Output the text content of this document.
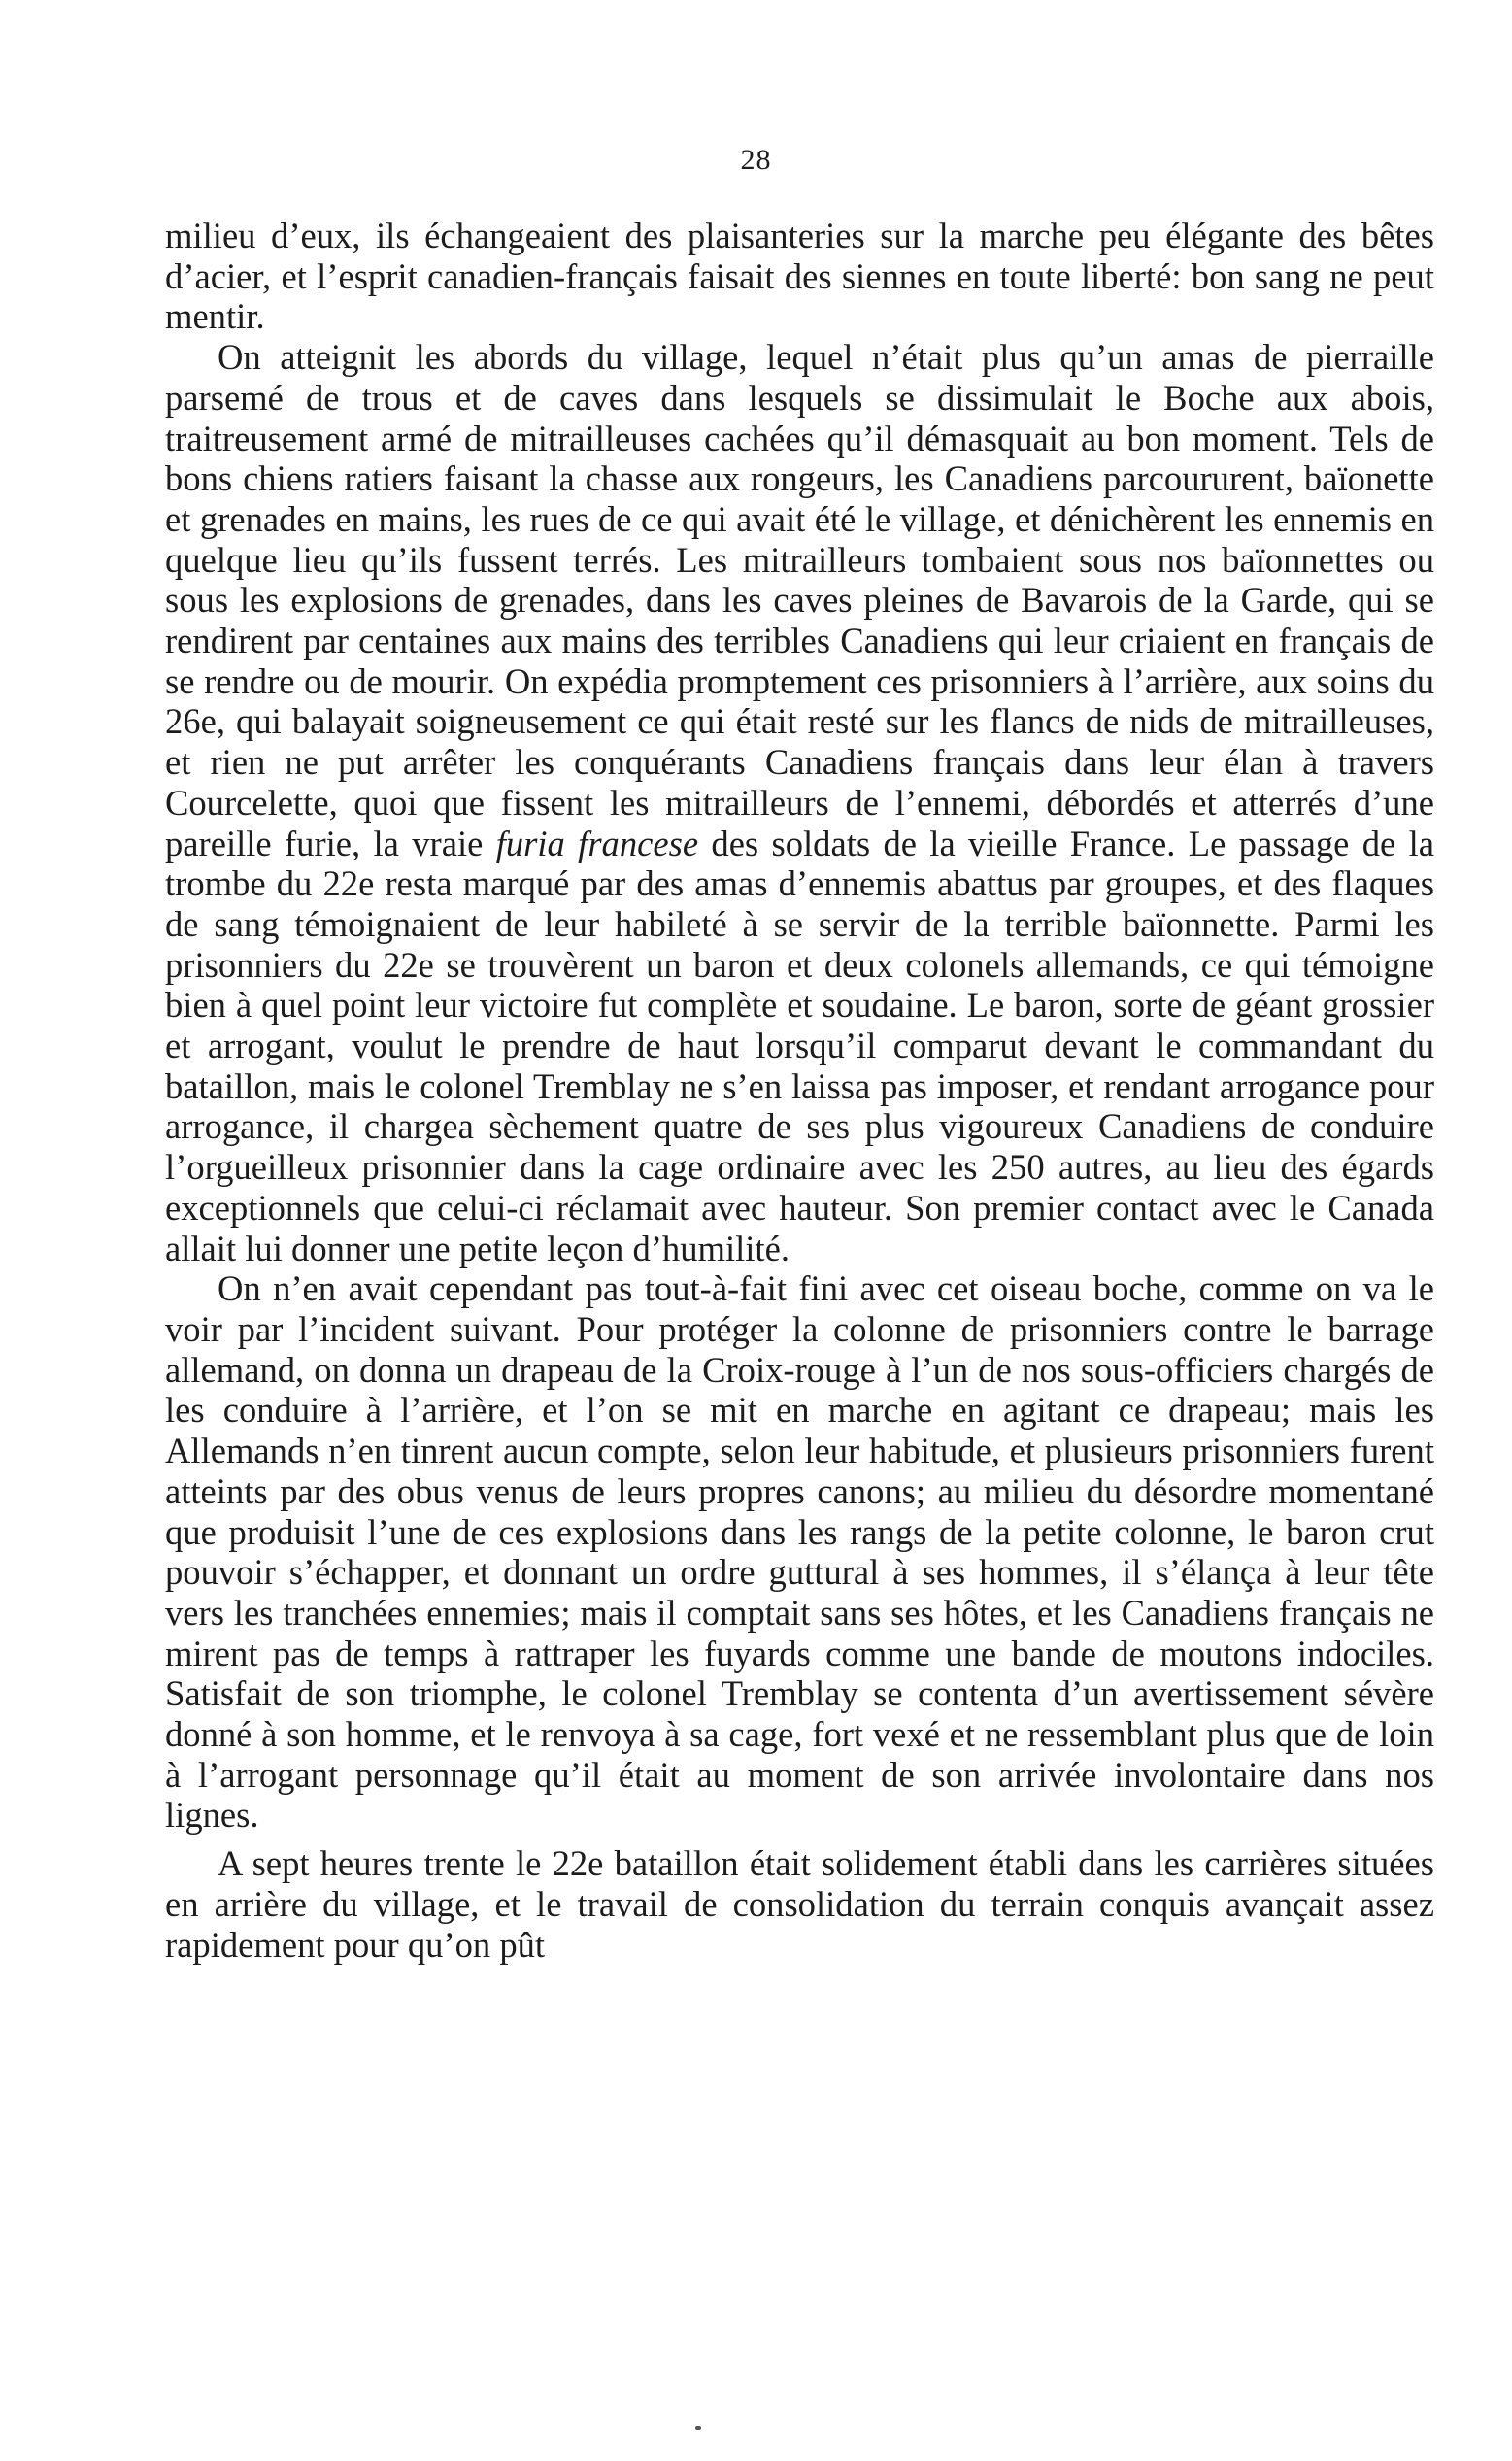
28

milieu d’eux, ils échangeaient des plaisanteries sur la marche peu élégante des bêtes d’acier, et l’esprit canadien-français faisait des siennes en toute liberté: bon sang ne peut mentir.

On atteignit les abords du village, lequel n’était plus qu’un amas de pierraille parsemé de trous et de caves dans lesquels se dissimulait le Boche aux abois, traitreusement armé de mitrailleuses cachées qu’il démasquait au bon moment. Tels de bons chiens ratiers faisant la chasse aux rongeurs, les Canadiens parcoururent, baïonette et grenades en mains, les rues de ce qui avait été le village, et dénichèrent les ennemis en quelque lieu qu’ils fussent terrés. Les mitrailleurs tombaient sous nos baïonnettes ou sous les explosions de grenades, dans les caves pleines de Bavarois de la Garde, qui se rendirent par centaines aux mains des terribles Canadiens qui leur criaient en français de se rendre ou de mourir. On expédia promptement ces prisonniers à l’arrière, aux soins du 26e, qui balayait soigneusement ce qui était resté sur les flancs de nids de mitrailleuses, et rien ne put arrêter les conquérants Canadiens français dans leur élan à travers Courcelette, quoi que fissent les mitrailleurs de l’ennemi, débordés et atterrés d’une pareille furie, la vraie furia francese des soldats de la vieille France. Le passage de la trombe du 22e resta marqué par des amas d’ennemis abattus par groupes, et des flaques de sang témoignaient de leur habileté à se servir de la terrible baïonnette. Parmi les prisonniers du 22e se trouvèrent un baron et deux colonels allemands, ce qui témoigne bien à quel point leur victoire fut complète et soudaine. Le baron, sorte de géant grossier et arrogant, voulut le prendre de haut lorsqu’il comparut devant le commandant du bataillon, mais le colonel Tremblay ne s’en laissa pas imposer, et rendant arrogance pour arrogance, il chargea sèchement quatre de ses plus vigoureux Canadiens de conduire l’orgueilleux prisonnier dans la cage ordinaire avec les 250 autres, au lieu des égards exceptionnels que celui-ci réclamait avec hauteur. Son premier contact avec le Canada allait lui donner une petite leçon d’humilité.

On n’en avait cependant pas tout-à-fait fini avec cet oiseau boche, comme on va le voir par l’incident suivant. Pour protéger la colonne de prisonniers contre le barrage allemand, on donna un drapeau de la Croix-rouge à l’un de nos sous-officiers chargés de les conduire à l’arrière, et l’on se mit en marche en agitant ce drapeau; mais les Allemands n’en tinrent aucun compte, selon leur habitude, et plusieurs prisonniers furent atteints par des obus venus de leurs propres canons; au milieu du désordre momentané que produisit l’une de ces explosions dans les rangs de la petite colonne, le baron crut pouvoir s’échapper, et donnant un ordre guttural à ses hommes, il s’élança à leur tête vers les tranchées ennemies; mais il comptait sans ses hôtes, et les Canadiens français ne mirent pas de temps à rattraper les fuyards comme une bande de moutons indociles. Satisfait de son triomphe, le colonel Tremblay se contenta d’un avertissement sévère donné à son homme, et le renvoya à sa cage, fort vexé et ne ressemblant plus que de loin à l’arrogant personnage qu’il était au moment de son arrivée involontaire dans nos lignes.

A sept heures trente le 22e bataillon était solidement établi dans les carrières situées en arrière du village, et le travail de consolidation du terrain conquis avançait assez rapidement pour qu’on pût
